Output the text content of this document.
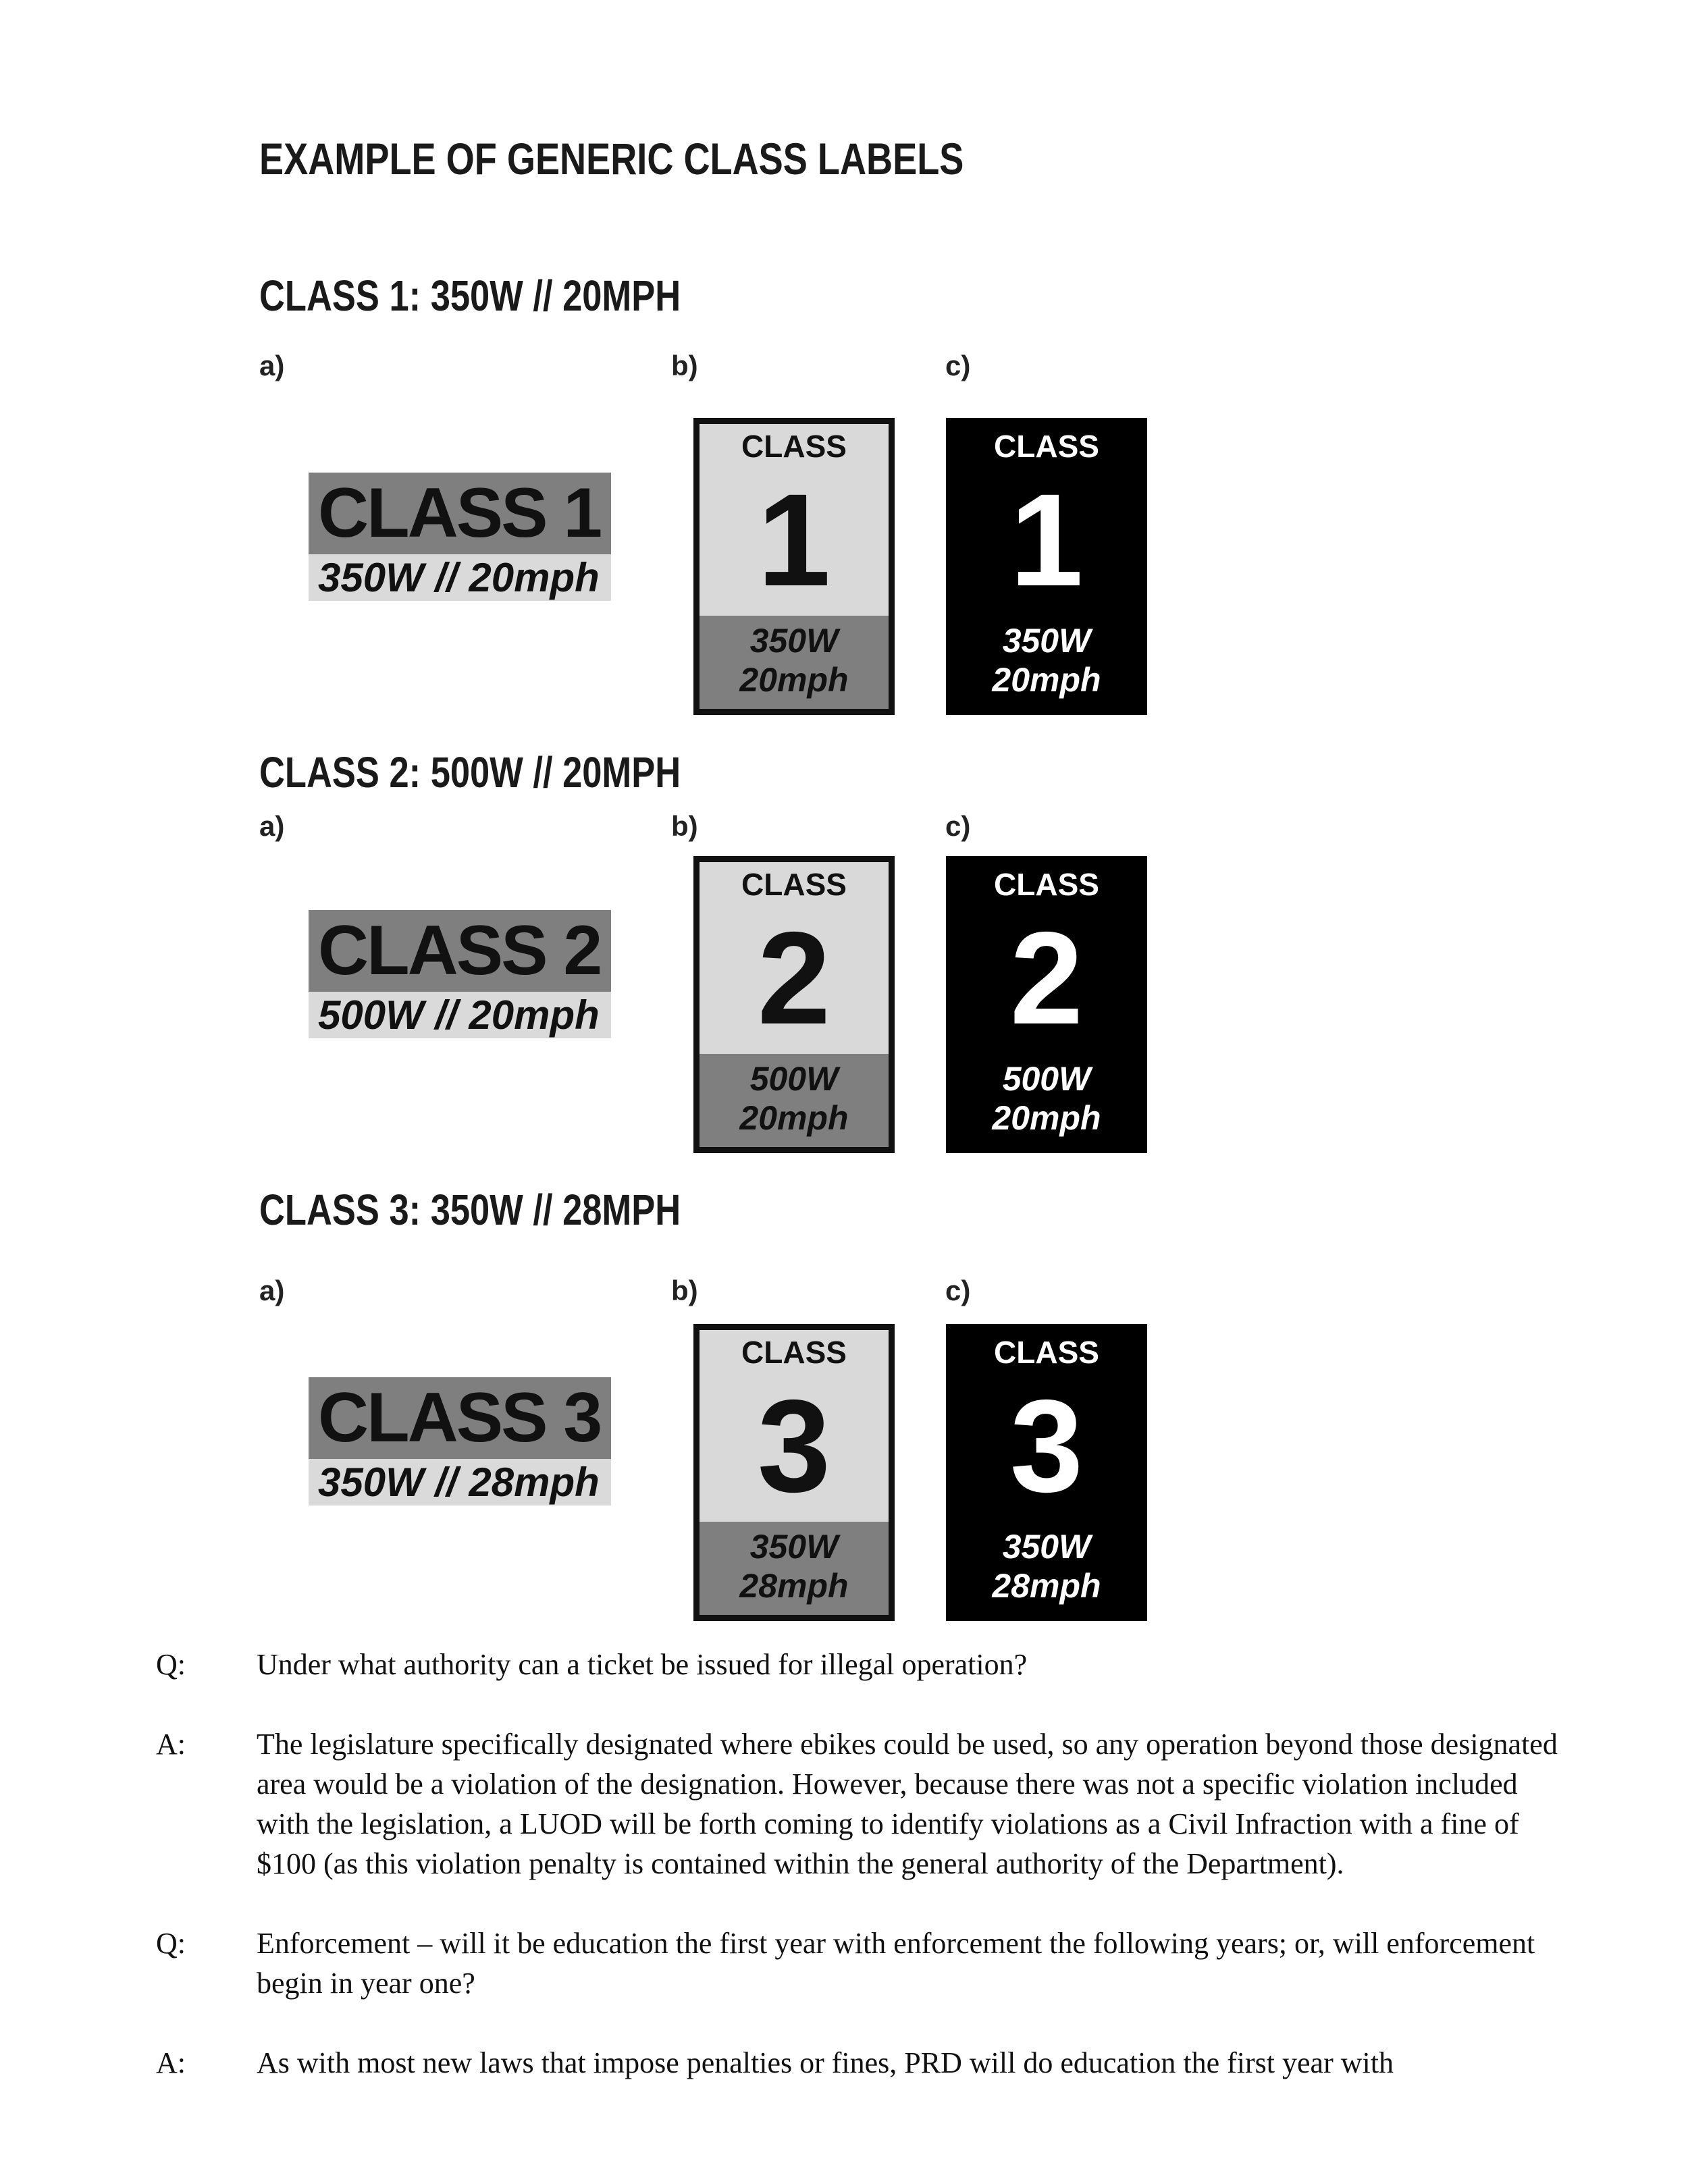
EXAMPLE OF GENERIC CLASS LABELS
CLASS 1: 350W // 20MPH
a)	b)	c)
CLASS 1
350W // 20mph
CLASS
1
350W
20mph
CLASS
1
350W
20mph
CLASS 2: 500W // 20MPH
a)	b)	c)
CLASS 2
500W // 20mph
CLASS
2
500W
20mph
CLASS
2
500W
20mph
CLASS 3: 350W // 28MPH
a)	b)	c)
CLASS 3
350W // 28mph
CLASS
3
350W
28mph
CLASS
3
350W
28mph
Q:	Under what authority can a ticket be issued for illegal operation?
A:	The legislature specifically designated where ebikes could be used, so any operation beyond those designated area would be a violation of the designation. However, because there was not a specific violation included with the legislation, a LUOD will be forth coming to identify violations as a Civil Infraction with a fine of $100 (as this violation penalty is contained within the general authority of the Department).
Q:	Enforcement – will it be education the first year with enforcement the following years; or, will enforcement begin in year one?
A:	As with most new laws that impose penalties or fines, PRD will do education the first year with
